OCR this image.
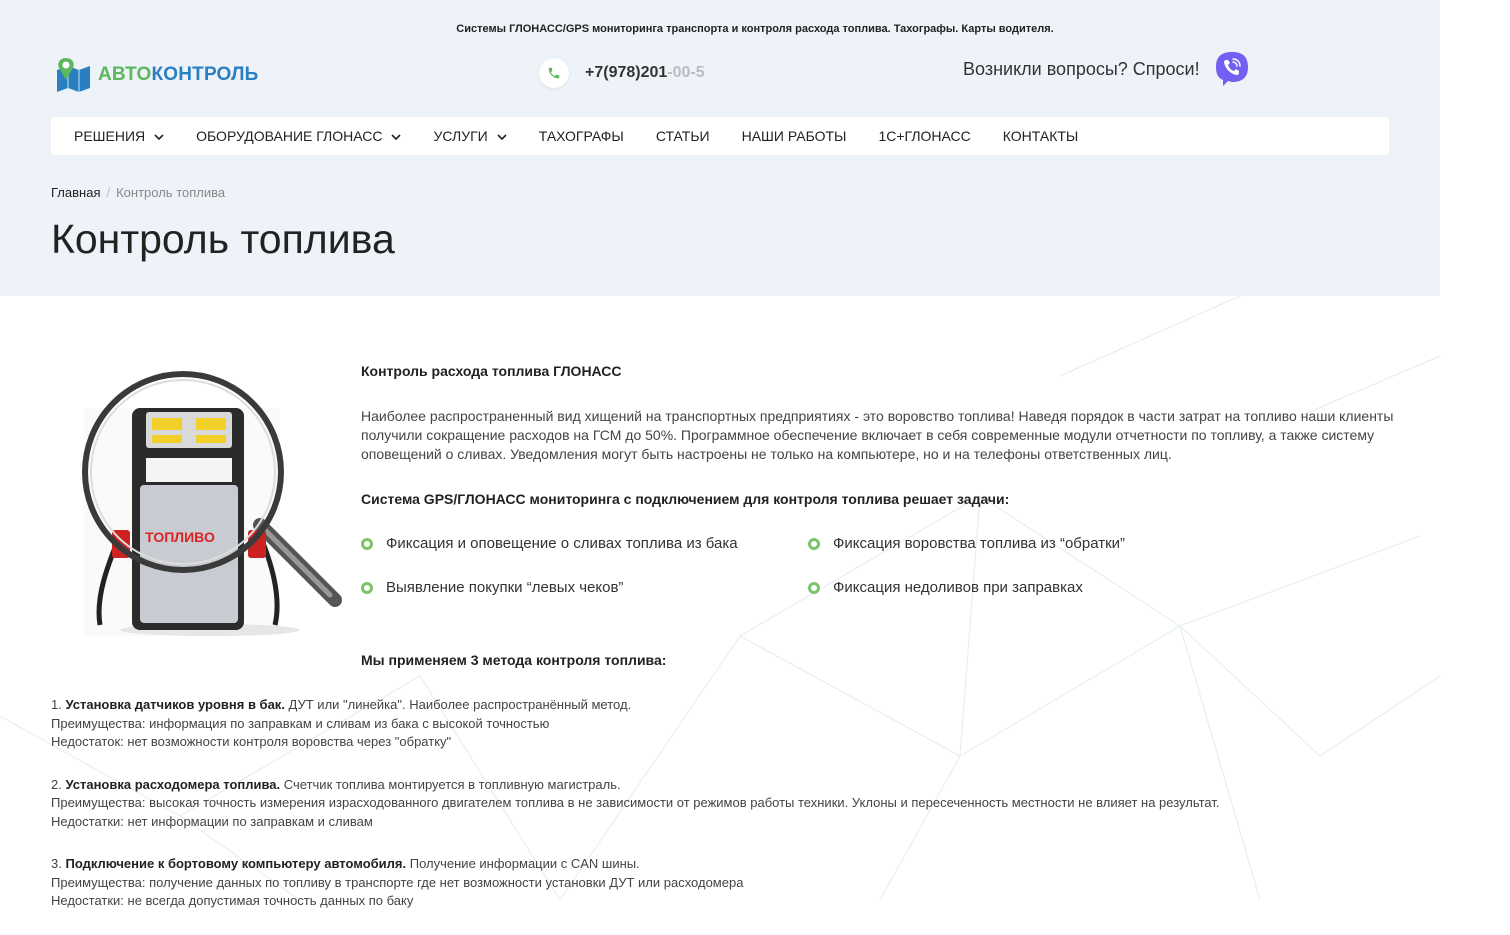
Системы ГЛОНАСС/GPS мониторинга транспорта и контроля расхода топлива. Тахографы. Карты водителя.
АВТОКОНТРОЛЬ	+7(978)201-00-5	Возникли вопросы? Спроси!
РЕШЕНИЯ	ОБОРУДОВАНИЕ ГЛОНАСС	УСЛУГИ	ТАХОГРАФЫ СТАТЬИ НАШИ РАБОТЫ 1С+ГЛОНАСС КОНТАКТЫ
Главная / Контроль топлива
Контроль топлива
ТОПЛИВО
Контроль расхода топлива ГЛОНАСС

Наиболее распространенный вид хищений на транспортных предприятиях - это воровство топлива! Наведя порядок в части затрат на топливо наши клиенты получили сокращение расходов на ГСМ до 50%. Программное обеспечение включает в себя современные модули отчетности по топливу, а также систему оповещений о сливах. Уведомления могут быть настроены не только на компьютере, но и на телефоны ответственных лиц.

Система GPS/ГЛОНАСС мониторинга с подключением для контроля топлива решает задачи:
Фиксация и оповещение о сливах топлива из бака	Фиксация воровства топлива из “обратки”
Выявление покупки “левых чеков”	Фиксация недоливов при заправках
Мы применяем 3 метода контроля топлива:
1. Установка датчиков уровня в бак. ДУТ или "линейка". Наиболее распространённый метод.
Преимущества: информация по заправкам и сливам из бака с высокой точностью
Недостаток: нет возможности контроля воровства через "обратку"
2. Установка расходомера топлива. Счетчик топлива монтируется в топливную магистраль.
Преимущества: высокая точность измерения израсходованного двигателем топлива в не зависимости от режимов работы техники. Уклоны и пересеченность местности не влияет на результат.
Недостатки: нет информации по заправкам и сливам
3. Подключение к бортовому компьютеру автомобиля. Получение информации с CAN шины.
Преимущества: получение данных по топливу в транспорте где нет возможности установки ДУТ или расходомера
Недостатки: не всегда допустимая точность данных по баку
